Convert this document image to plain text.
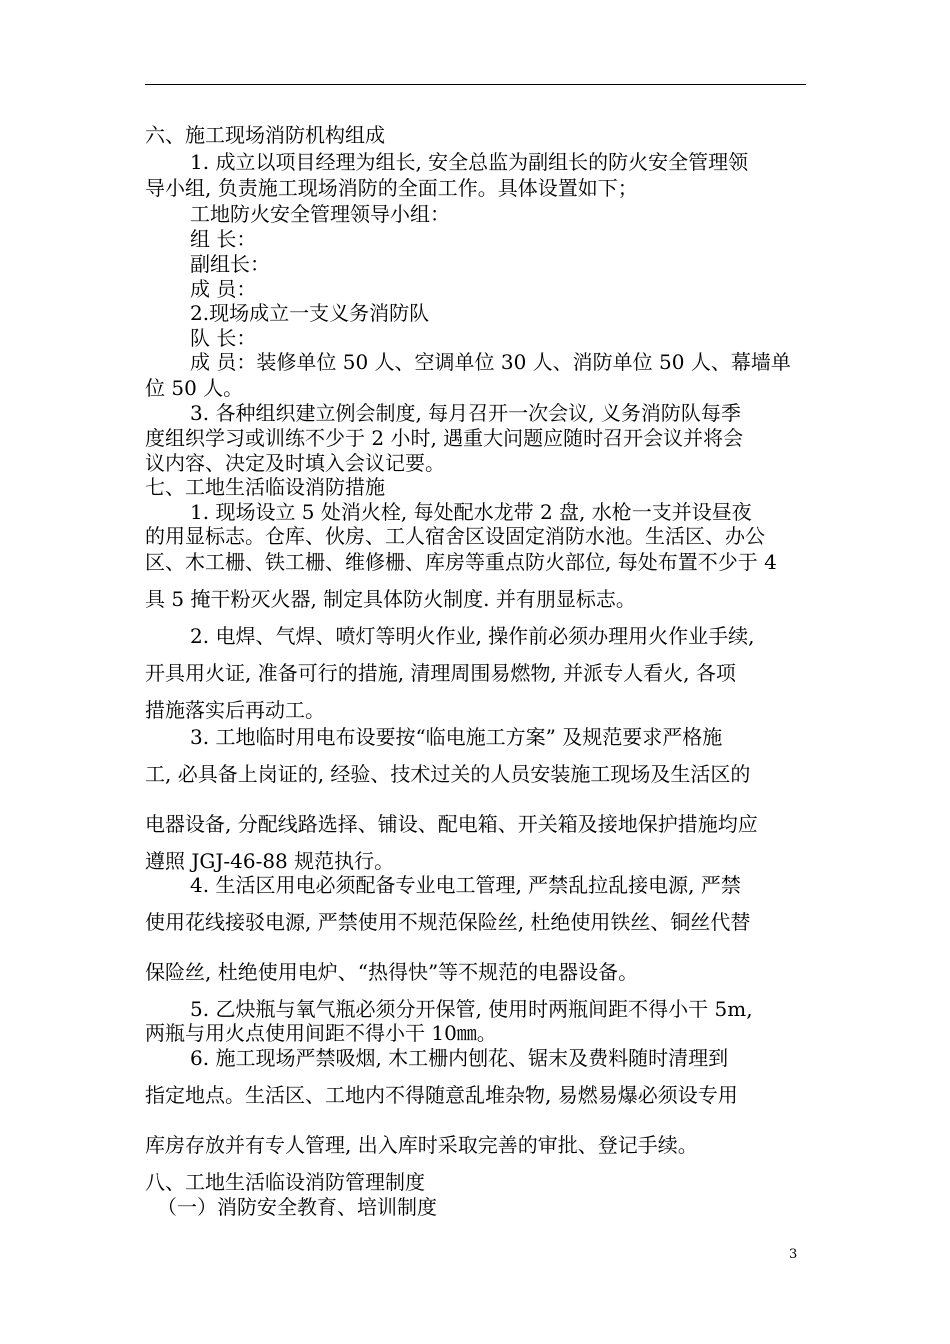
六、施工现场消防机构组成
1. 成立以项目经理为组长, 安全总监为副组长的防火安全管理领
导小组, 负责施工现场消防的全面工作。具体设置如下；
工地防火安全管理领导小组：
组 长：
副组长：
成 员：
2.现场成立一支义务消防队
队 长：
成 员：装修单位 50 人、空调单位 30 人、消防单位 50 人、幕墙单
位 50 人。
3. 各种组织建立例会制度, 每月召开一次会议, 义务消防队每季
度组织学习或训练不少于 2 小时, 遇重大问题应随时召开会议并将会
议内容、决定及时填入会议记要。
七、工地生活临设消防措施
1. 现场设立 5 处消火栓, 每处配水龙带 2 盘, 水枪一支并设昼夜
的用显标志。仓库、伙房、工人宿舍区设固定消防水池。生活区、办公
区、木工栅、铁工栅、维修栅、库房等重点防火部位, 每处布置不少于 4
具 5 掩干粉灭火器, 制定具体防火制度. 并有朋显标志。
2. 电焊、气焊、喷灯等明火作业, 操作前必须办理用火作业手续,
开具用火证, 准备可行的措施, 清理周围易燃物, 并派专人看火, 各项
措施落实后再动工。
3. 工地临时用电布设要按“临电施工方案” 及规范要求严格施
工, 必具备上岗证的, 经验、技术过关的人员安装施工现场及生活区的
电器设备, 分配线路选择、铺设、配电箱、开关箱及接地保护措施均应
遵照 JGJ-46-88 规范执行。
4. 生活区用电必须配备专业电工管理, 严禁乱拉乱接电源, 严禁
使用花线接驳电源, 严禁使用不规范保险丝, 杜绝使用铁丝、铜丝代替
保险丝, 杜绝使用电炉、“热得快”等不规范的电器设备。
5. 乙炔瓶与氧气瓶必须分开保管, 使用时两瓶间距不得小干 5m,
两瓶与用火点使用间距不得小干 10㎜。
6. 施工现场严禁吸烟, 木工栅内刨花、锯末及费料随时清理到
指定地点。生活区、工地内不得随意乱堆杂物, 易燃易爆必须设专用
库房存放并有专人管理, 出入库时采取完善的审批、登记手续。
八、工地生活临设消防管理制度
（一）消防安全教育、培训制度
3
